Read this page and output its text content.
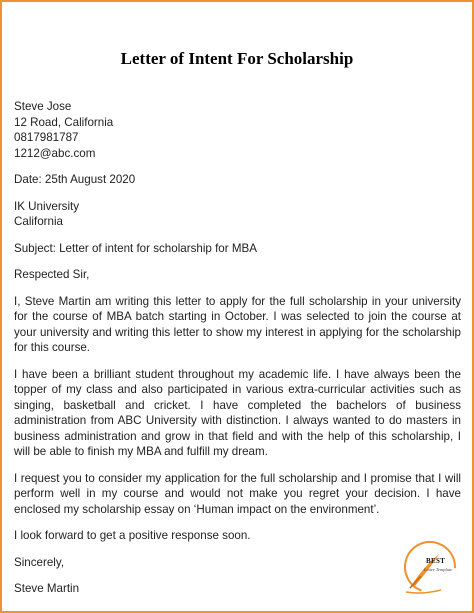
Letter of Intent For Scholarship

Steve Jose
12 Road, California
0817981787
1212@abc.com

Date: 25th August 2020

IK University
California

Subject: Letter of intent for scholarship for MBA

Respected Sir,

I, Steve Martin am writing this letter to apply for the full scholarship in your university for the course of MBA batch starting in October. I was selected to join the course at your university and writing this letter to show my interest in applying for the scholarship for this course.

I have been a brilliant student throughout my academic life. I have always been the topper of my class and also participated in various extra-curricular activities such as singing, basketball and cricket. I have completed the bachelors of business administration from ABC University with distinction. I always wanted to do masters in business administration and grow in that field and with the help of this scholarship, I will be able to finish my MBA and fulfill my dream.

I request you to consider my application for the full scholarship and I promise that I will perform well in my course and would not make you regret your decision. I have enclosed my scholarship essay on ‘Human impact on the environment’.

I look forward to get a positive response soon.

Sincerely,

Steve Martin

BEST
Letter Template
